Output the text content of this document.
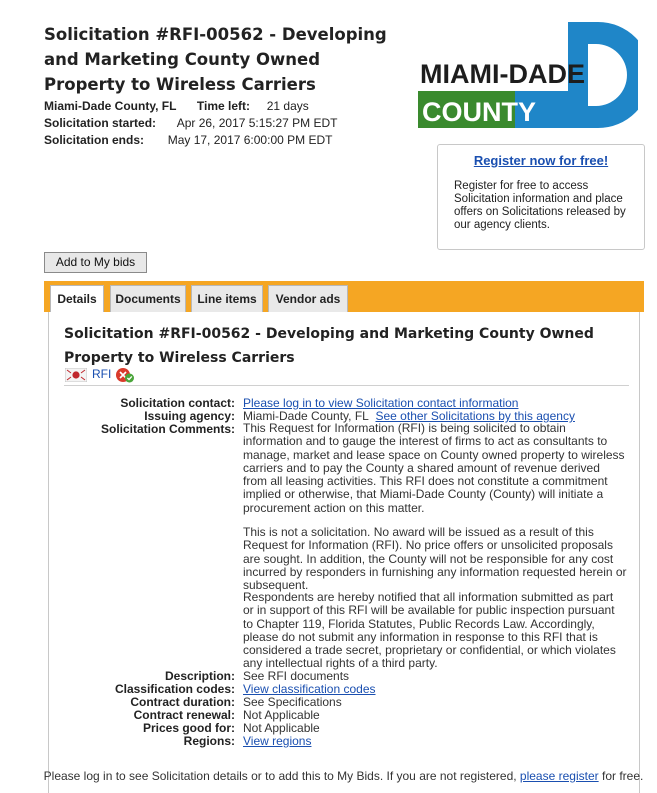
Solicitation #RFI-00562 - Developing and Marketing County Owned Property to Wireless Carriers
Miami-Dade County, FL Time left: 21 days
Solicitation started: Apr 26, 2017 5:15:27 PM EDT
Solicitation ends: May 17, 2017 6:00:00 PM EDT
MIAMI-DADE
COUNTY
Register now for free!
Register for free to access Solicitation information and place offers on Solicitations released by our agency clients.
Add to My bids
Details	Documents	Line items	Vendor ads
Solicitation #RFI-00562 - Developing and Marketing County Owned Property to Wireless Carriers
RFI
Solicitation contact: Please log in to view Solicitation contact information
Issuing agency: Miami-Dade County, FL See other Solicitations by this agency
Solicitation Comments: This Request for Information (RFI) is being solicited to obtain information and to gauge the interest of firms to act as consultants to manage, market and lease space on County owned property to wireless carriers and to pay the County a shared amount of revenue derived from all leasing activities. This RFI does not constitute a commitment implied or otherwise, that Miami-Dade County (County) will initiate a procurement action on this matter.
This is not a solicitation. No award will be issued as a result of this Request for Information (RFI). No price offers or unsolicited proposals are sought. In addition, the County will not be responsible for any cost incurred by responders in furnishing any information requested herein or subsequent.
Respondents are hereby notified that all information submitted as part or in support of this RFI will be available for public inspection pursuant to Chapter 119, Florida Statutes, Public Records Law. Accordingly, please do not submit any information in response to this RFI that is considered a trade secret, proprietary or confidential, or which violates any intellectual rights of a third party.
Description: See RFI documents
Classification codes: View classification codes
Contract duration: See Specifications
Contract renewal: Not Applicable
Prices good for: Not Applicable
Regions: View regions
Please log in to see Solicitation details or to add this to My Bids. If you are not registered, please register for free.
